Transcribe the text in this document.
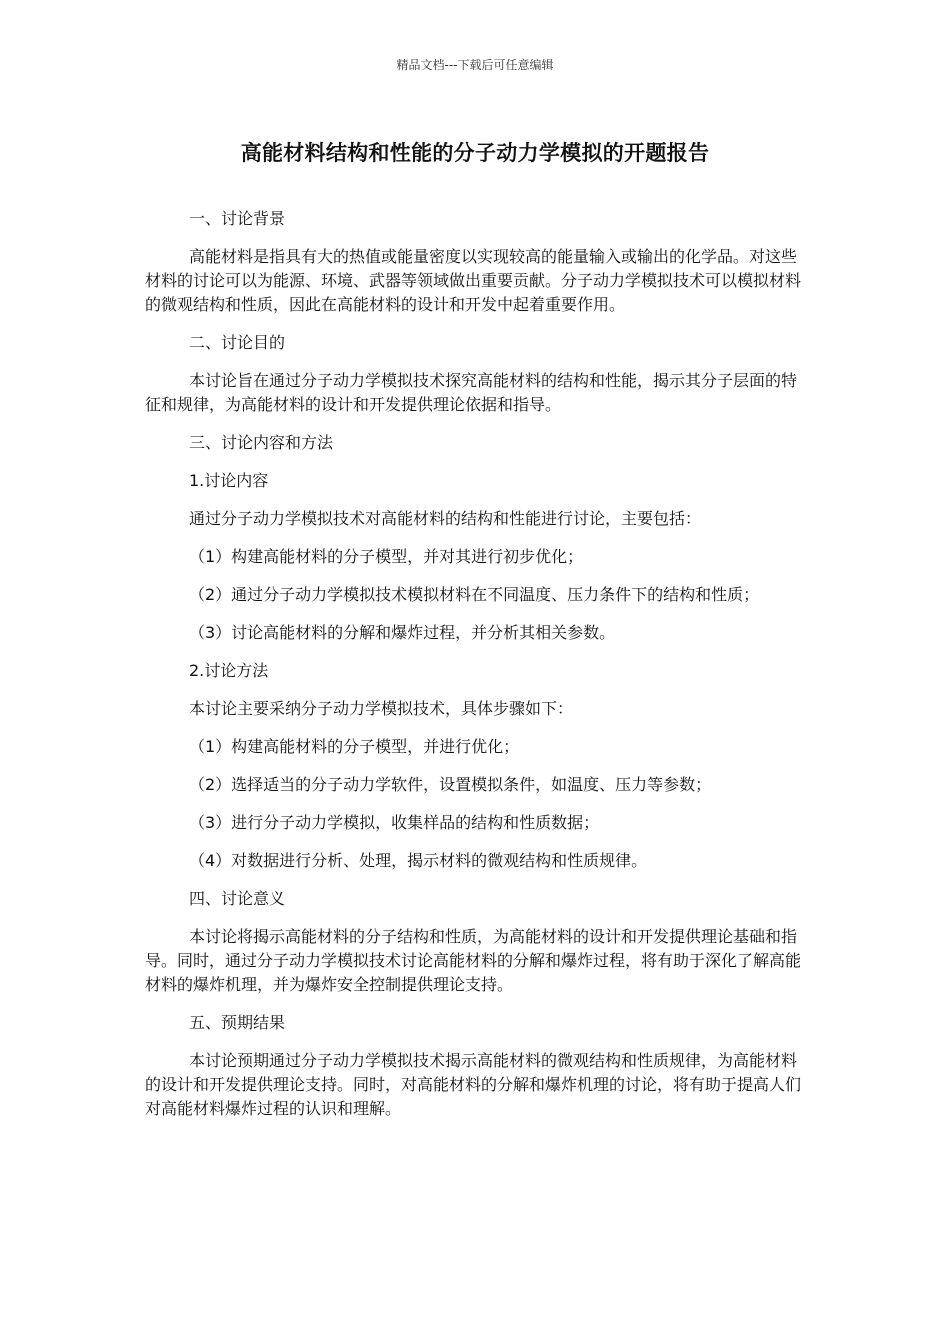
精品文档---下载后可任意编辑
高能材料结构和性能的分子动力学模拟的开题报告

一、讨论背景

高能材料是指具有大的热值或能量密度以实现较高的能量输入或输出的化学品。对这些材料的讨论可以为能源、环境、武器等领域做出重要贡献。分子动力学模拟技术可以模拟材料的微观结构和性质，因此在高能材料的设计和开发中起着重要作用。

二、讨论目的

本讨论旨在通过分子动力学模拟技术探究高能材料的结构和性能，揭示其分子层面的特征和规律，为高能材料的设计和开发提供理论依据和指导。

三、讨论内容和方法

1.讨论内容

通过分子动力学模拟技术对高能材料的结构和性能进行讨论，主要包括：

（1）构建高能材料的分子模型，并对其进行初步优化；

（2）通过分子动力学模拟技术模拟材料在不同温度、压力条件下的结构和性质；

（3）讨论高能材料的分解和爆炸过程，并分析其相关参数。

2.讨论方法

本讨论主要采纳分子动力学模拟技术，具体步骤如下：

（1）构建高能材料的分子模型，并进行优化；

（2）选择适当的分子动力学软件，设置模拟条件，如温度、压力等参数；

（3）进行分子动力学模拟，收集样品的结构和性质数据；

（4）对数据进行分析、处理，揭示材料的微观结构和性质规律。

四、讨论意义

本讨论将揭示高能材料的分子结构和性质，为高能材料的设计和开发提供理论基础和指导。同时，通过分子动力学模拟技术讨论高能材料的分解和爆炸过程，将有助于深化了解高能材料的爆炸机理，并为爆炸安全控制提供理论支持。

五、预期结果

本讨论预期通过分子动力学模拟技术揭示高能材料的微观结构和性质规律，为高能材料的设计和开发提供理论支持。同时，对高能材料的分解和爆炸机理的讨论，将有助于提高人们对高能材料爆炸过程的认识和理解。
